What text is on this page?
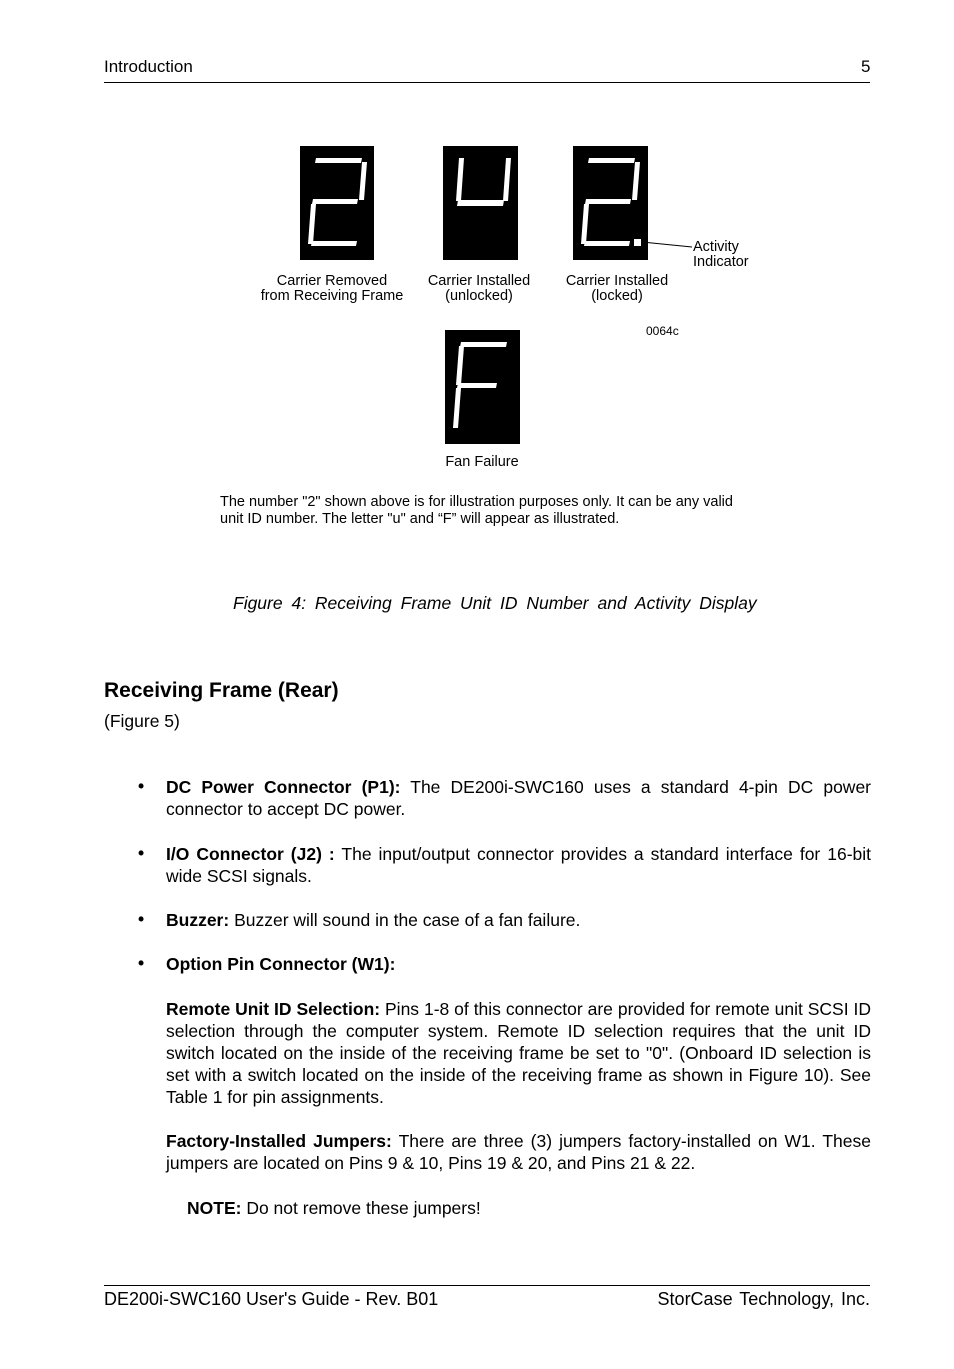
Introduction	5
Activity
Indicator
Carrier Removed
from Receiving Frame
Carrier Installed
(unlocked)
Carrier Installed
(locked)
Fan Failure
0064c
The number "2" shown above is for illustration purposes only. It can be any valid
unit ID number. The letter "u" and “F” will appear as illustrated.
Figure 4: Receiving Frame Unit ID Number and Activity Display
Receiving Frame (Rear)
(Figure 5)
• DC Power Connector (P1): The DE200i-SWC160 uses a standard 4-pin DC power connector to accept DC power.
• I/O Connector (J2) : The input/output connector provides a standard interface for 16-bit wide SCSI signals.
• Buzzer: Buzzer will sound in the case of a fan failure.
• Option Pin Connector (W1):
Remote Unit ID Selection: Pins 1-8 of this connector are provided for remote unit SCSI ID selection through the computer system. Remote ID selection requires that the unit ID switch located on the inside of the receiving frame be set to "0". (Onboard ID selection is set with a switch located on the inside of the receiving frame as shown in Figure 10). See Table 1 for pin assignments.
Factory-Installed Jumpers: There are three (3) jumpers factory-installed on W1. These jumpers are located on Pins 9 & 10, Pins 19 & 20, and Pins 21 & 22.
NOTE: Do not remove these jumpers!
DE200i-SWC160 User's Guide - Rev. B01	StorCase Technology, Inc.
